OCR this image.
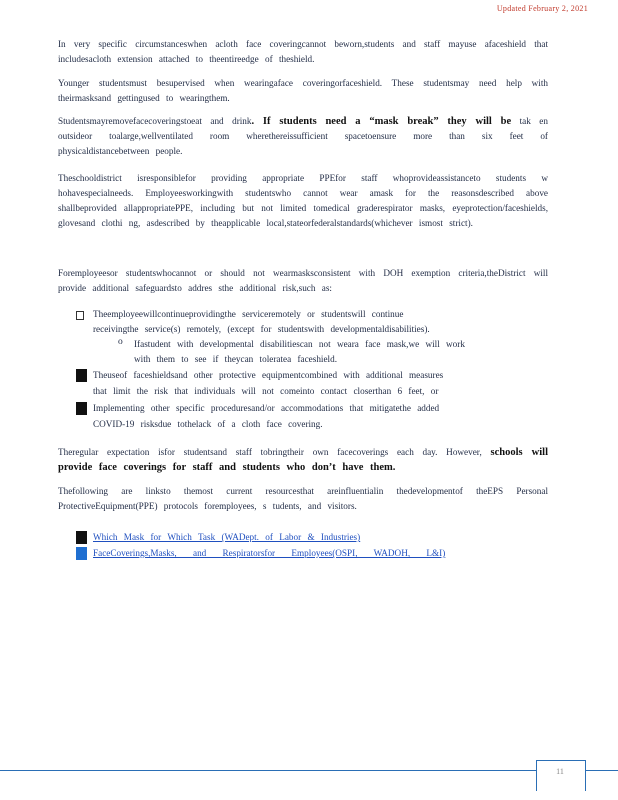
Updated February 2, 2021
In very specific circumstanceswhen acloth face coveringcannot beworn,students and staff mayuse afaceshield that includesacloth extension attached to theentireedge of theshield.
Younger studentsmust besupervised when wearingaface coveringorfaceshield. These studentsmay need help with theirmasksand gettingused to wearingthem.
Studentsmayremovefacecoveringstoeat and drink. If students need a “mask break” they will be tak en outsideor toalarge,wellventilated room wherethereissufficient spacetoensure more than six feet of physicaldistancebetween people.
Theschooldistrict isresponsiblefor providing appropriate PPEfor staff whoprovideassistanceto students w hohavespecialneeds. Employeesworkingwith studentswho cannot wear amask for the reasonsdescribed above shallbeprovided allappropriatePPE, including but not limited tomedical graderespirator masks, eyeprotection/faceshields, glovesand clothi ng, asdescribed by theapplicable local,stateorfederalstandards(whichever ismost strict).
Foremployeesor studentswhocannot or should not wearmasksconsistent with DOH exemption criteria,theDistrict will provide additional safeguardsto addres sthe additional risk,such as:
Theemployeewillcontinueprovidingthe serviceremotely or studentswill continue
receivingthe service(s) remotely, (except for studentswith developmentaldisabilities).
o Ifastudent with developmental disabilitiescan not weara face mask,we will work
with them to see if theycan toleratea faceshield.
Theuseof faceshieldsand other protective equipmentcombined with additional measures
that limit the risk that individuals will not comeinto contact closerthan 6 feet, or
Implementing other specific proceduresand/or accommodations that mitigatethe added
COVID-19 risksdue tothelack of a cloth face covering.
Theregular expectation isfor studentsand staff tobringtheir own facecoverings each day. However, schools will provide face coverings for staff and students who don’t have them.
Thefollowing are linksto themost current resourcesthat areinfluentialin thedevelopmentof theEPS Personal ProtectiveEquipment(PPE) protocols foremployees, s tudents, and visitors.
Which Mask for Which Task (WADept. of Labor & Industries)
FaceCoverings,Masks, and Respiratorsfor Employees(OSPI, WADOH, L&I)
11
